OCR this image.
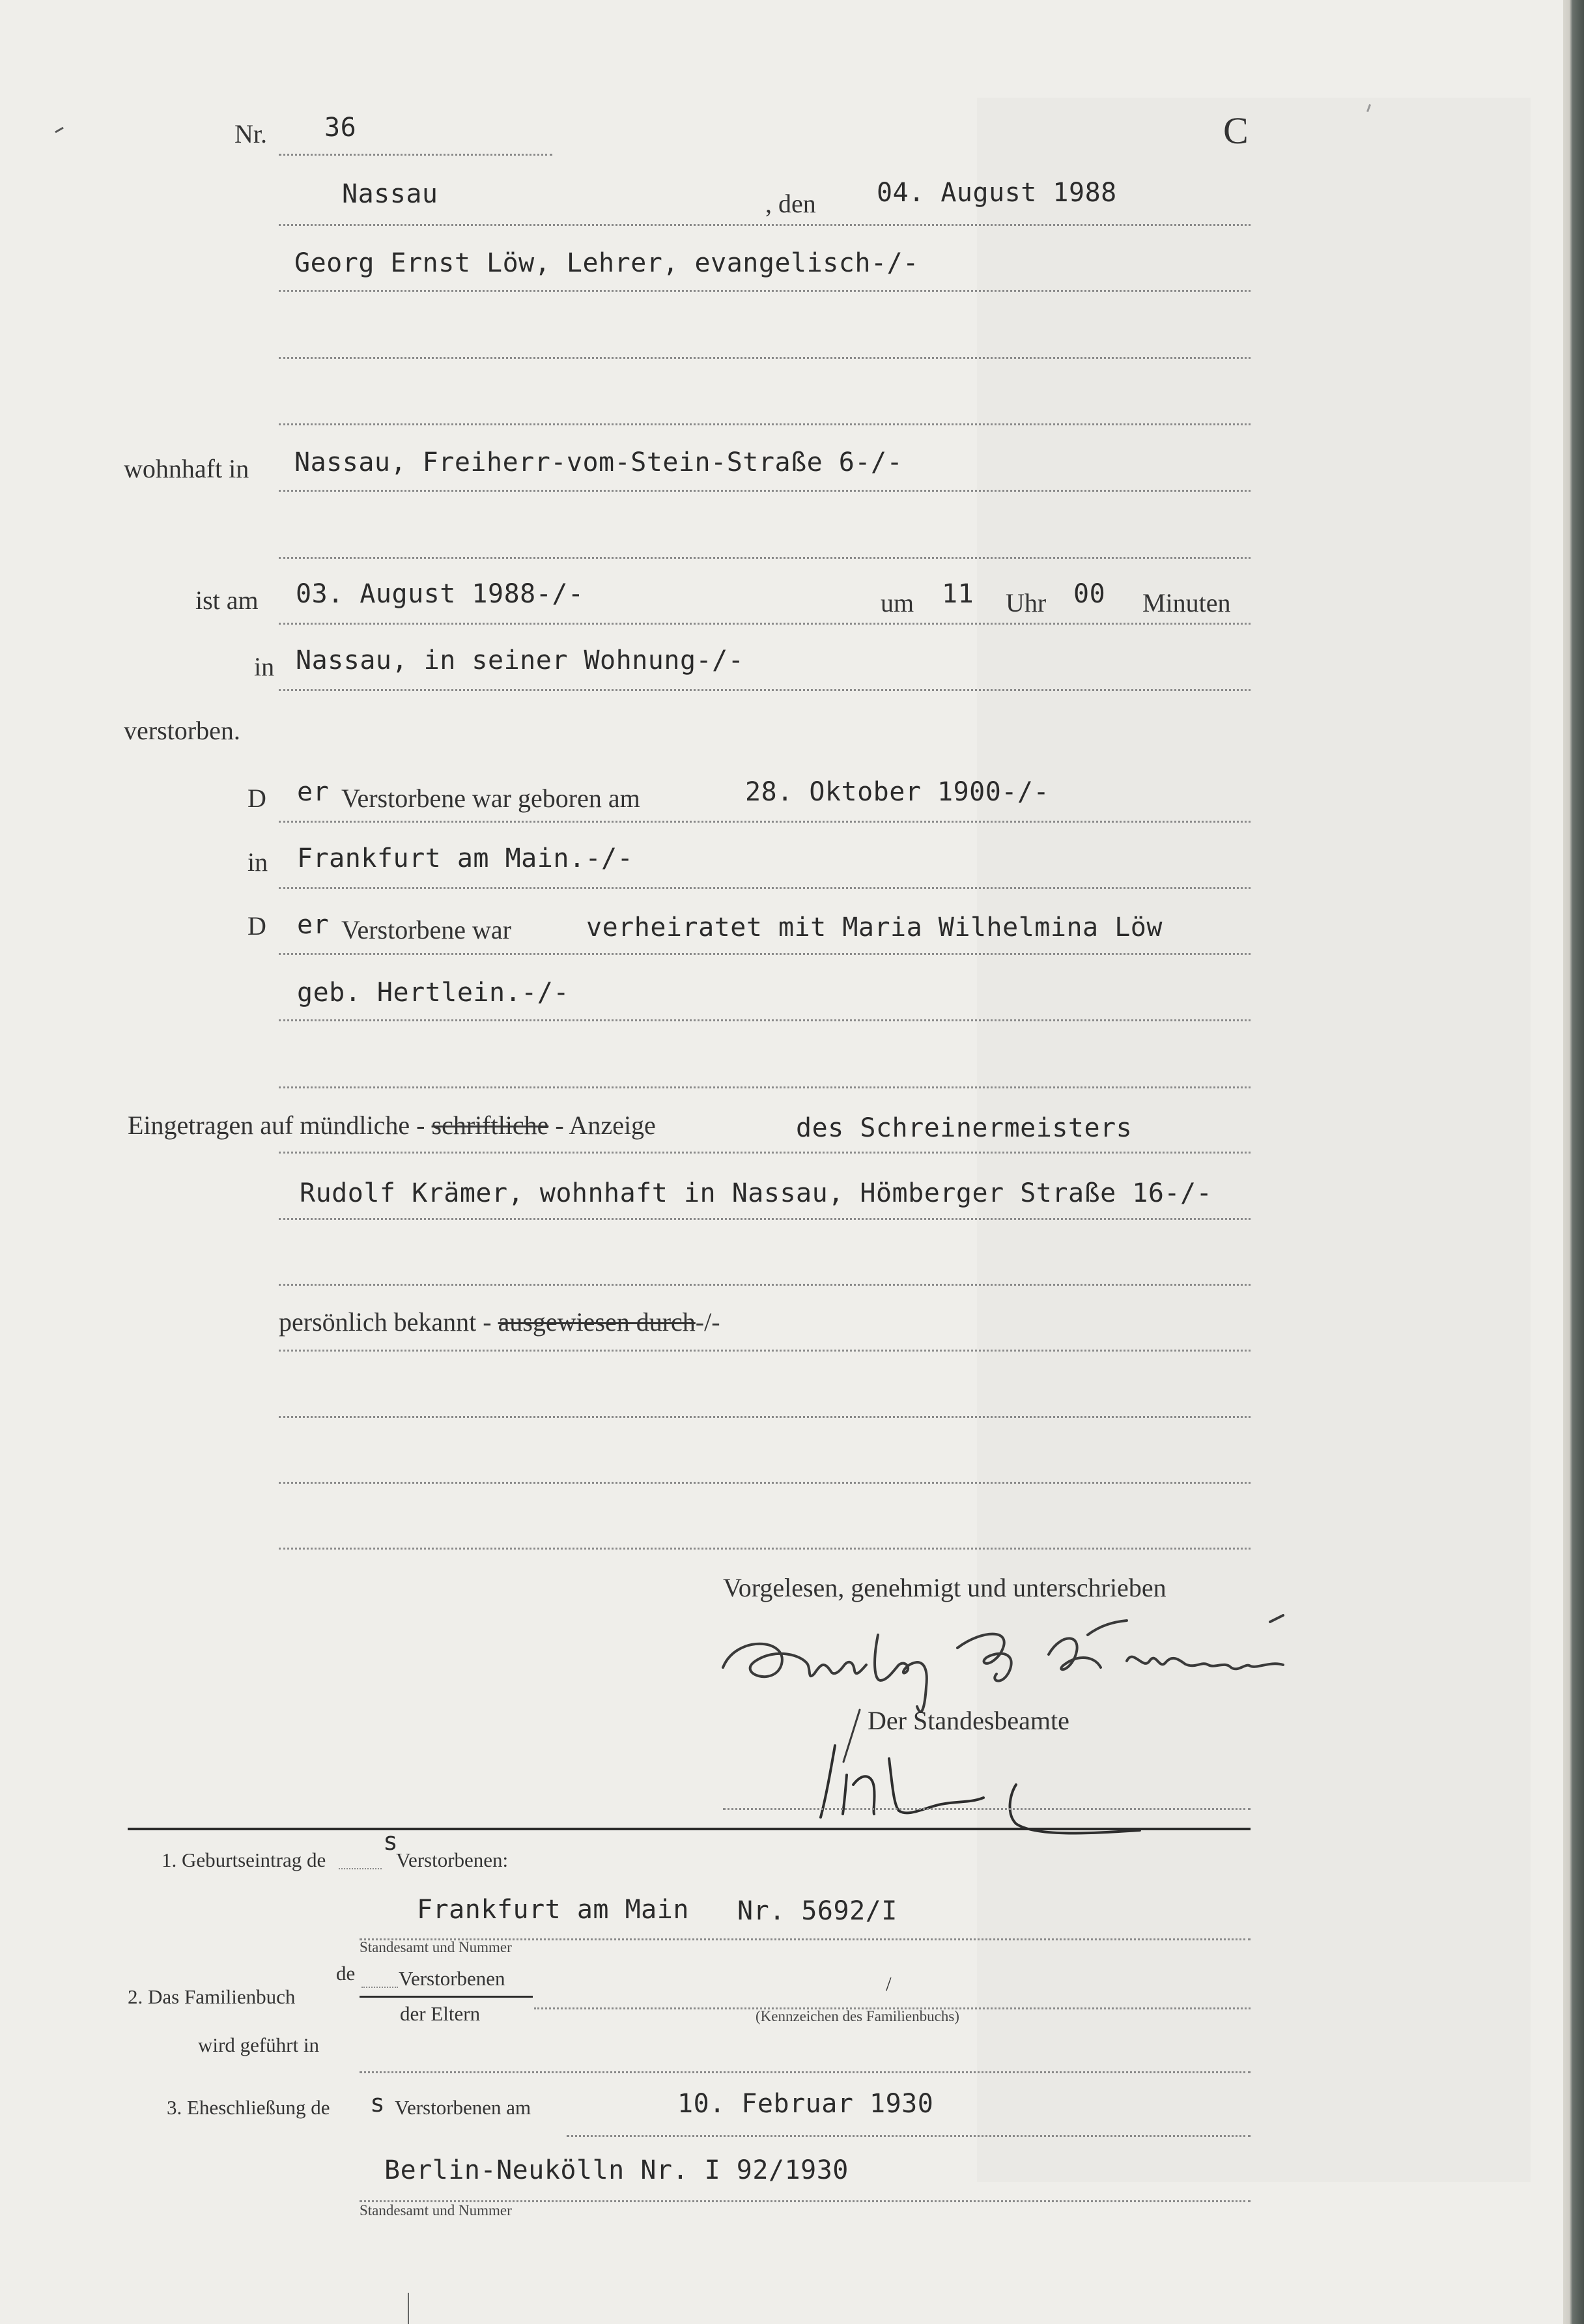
Nr. 36	C
Nassau	, den 04. August 1988
Georg Ernst Löw, Lehrer, evangelisch-/-
wohnhaft in Nassau, Freiherr-vom-Stein-Straße 6-/-
ist am 03. August 1988-/-	um 11 Uhr 00 Minuten
in Nassau, in seiner Wohnung-/-
verstorben.
D er Verstorbene war geboren am	28. Oktober 1900-/-
in Frankfurt am Main.-/-
D er Verstorbene war	verheiratet mit Maria Wilhelmina Löw
geb. Hertlein.-/-
Eingetragen auf mündliche - schriftliche - Anzeige	des Schreinermeisters
Rudolf Krämer, wohnhaft in Nassau, Hömberger Straße 16-/-
persönlich bekannt - ausgewiesen durch-/-
Vorgelesen, genehmigt und unterschrieben
Der Standesbeamte
1. Geburtseintrag de
s
Verstorbenen:
Frankfurt am Main Nr. 5692/I
Standesamt und Nummer
2. Das Familienbuch
de Verstorbenen
der Eltern
/
(Kennzeichen des Familienbuchs)
wird geführt in
3. Eheschließung de s Verstorbenen am	10. Februar 1930
Berlin-Neukölln Nr. I 92/1930
Standesamt und Nummer
